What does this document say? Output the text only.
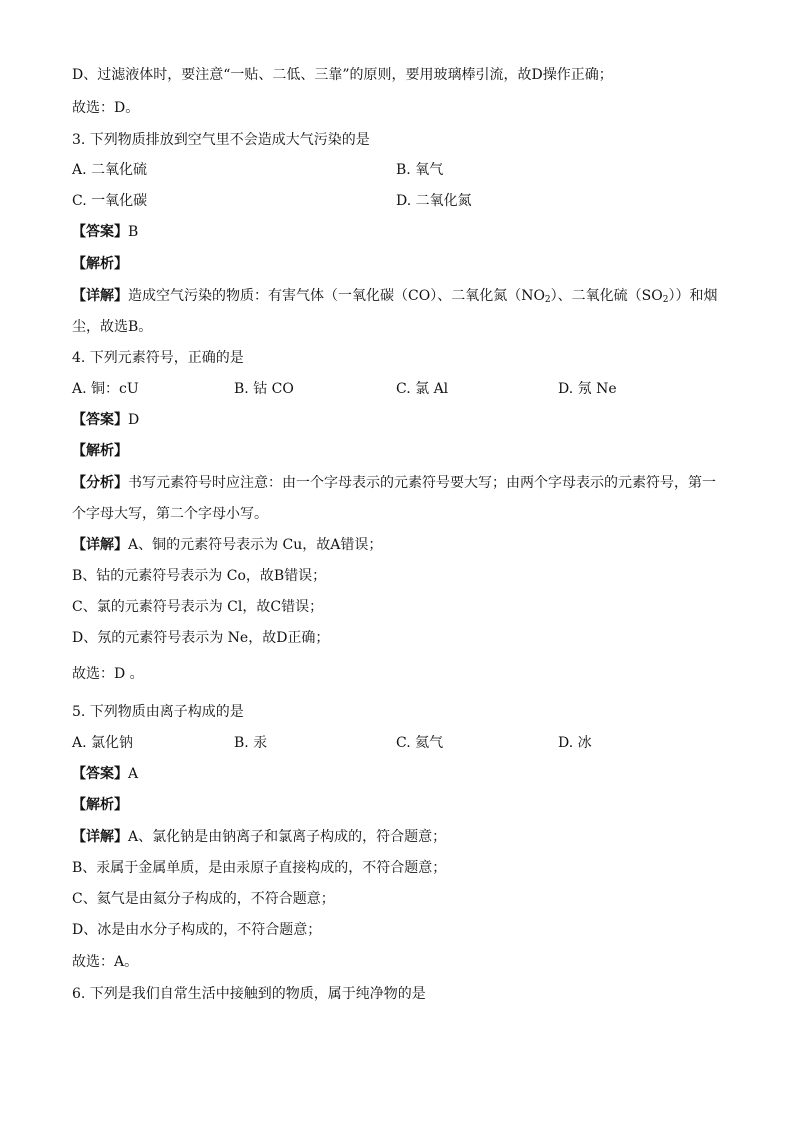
D、过滤液体时，要注意“一贴、二低、三靠”的原则，要用玻璃棒引流，故D操作正确；
故选：D。
3. 下列物质排放到空气里不会造成大气污染的是
A. 二氧化硫	B. 氧气
C. 一氧化碳	D. 二氧化氮
【答案】B
【解析】
【详解】造成空气污染的物质：有害气体（一氧化碳（CO）、二氧化氮$(NO_2)$、二氧化硫$(SO_2)$）和烟
尘，故选B。
4. 下列元素符号，正确的是
A. 铜：cU	B. 钴 CO	C. 氯 Al	D. 氖 Ne
【答案】D
【解析】
【分析】书写元素符号时应注意：由一个字母表示的元素符号要大写；由两个字母表示的元素符号，第一
个字母大写，第二个字母小写。
【详解】A、铜的元素符号表示为 Cu，故A错误；
B、钴的元素符号表示为 Co，故B错误；
C、氯的元素符号表示为 Cl，故C错误；
D、氖的元素符号表示为 Ne，故D正确；
故选：D 。
5. 下列物质由离子构成的是
A. 氯化钠	B. 汞	C. 氦气	D. 冰
【答案】A
【解析】
【详解】A、氯化钠是由钠离子和氯离子构成的，符合题意；
B、汞属于金属单质，是由汞原子直接构成的，不符合题意；
C、氦气是由氦分子构成的，不符合题意；
D、冰是由水分子构成的，不符合题意；
故选：A。
6. 下列是我们自常生活中接触到的物质，属于纯净物的是
